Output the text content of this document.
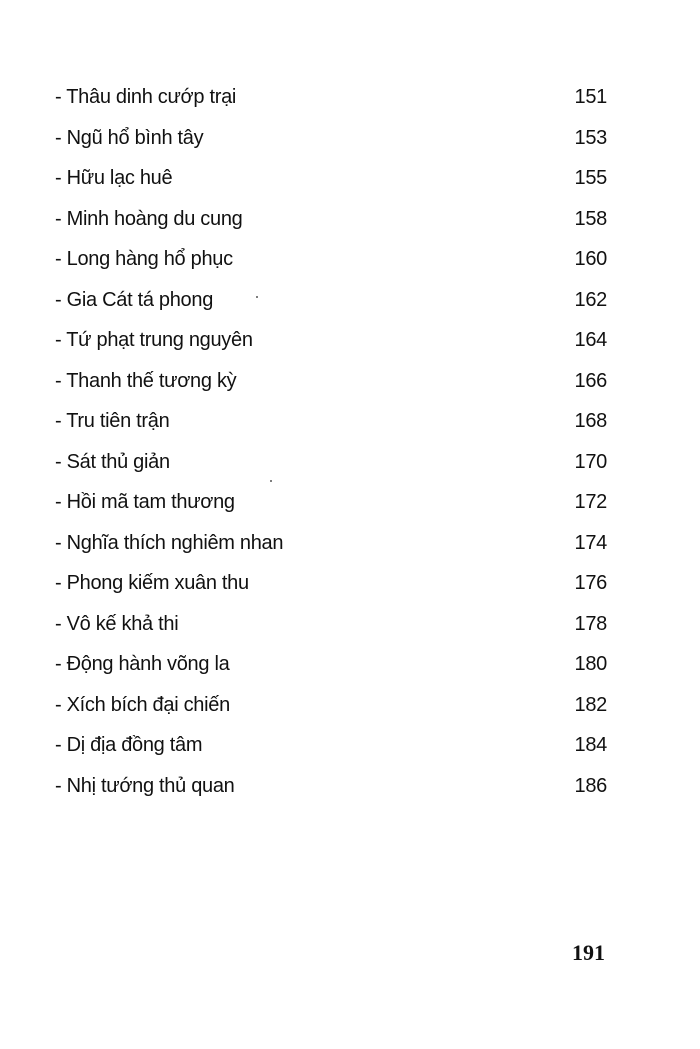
- Thâu dinh cướp trại	151
- Ngũ hổ bình tây	153
- Hữu lạc huê	155
- Minh hoàng du cung	158
- Long hàng hổ phục	160
- Gia Cát tá phong	162
- Tứ phạt trung nguyên	164
- Thanh thế tương kỳ	166
- Tru tiên trận	168
- Sát thủ giản	170
- Hồi mã tam thương	172
- Nghĩa thích nghiêm nhan	174
- Phong kiếm xuân thu	176
- Vô kế khả thi	178
- Động hành võng la	180
- Xích bích đại chiến	182
- Dị địa đồng tâm	184
- Nhị tướng thủ quan	186
191
